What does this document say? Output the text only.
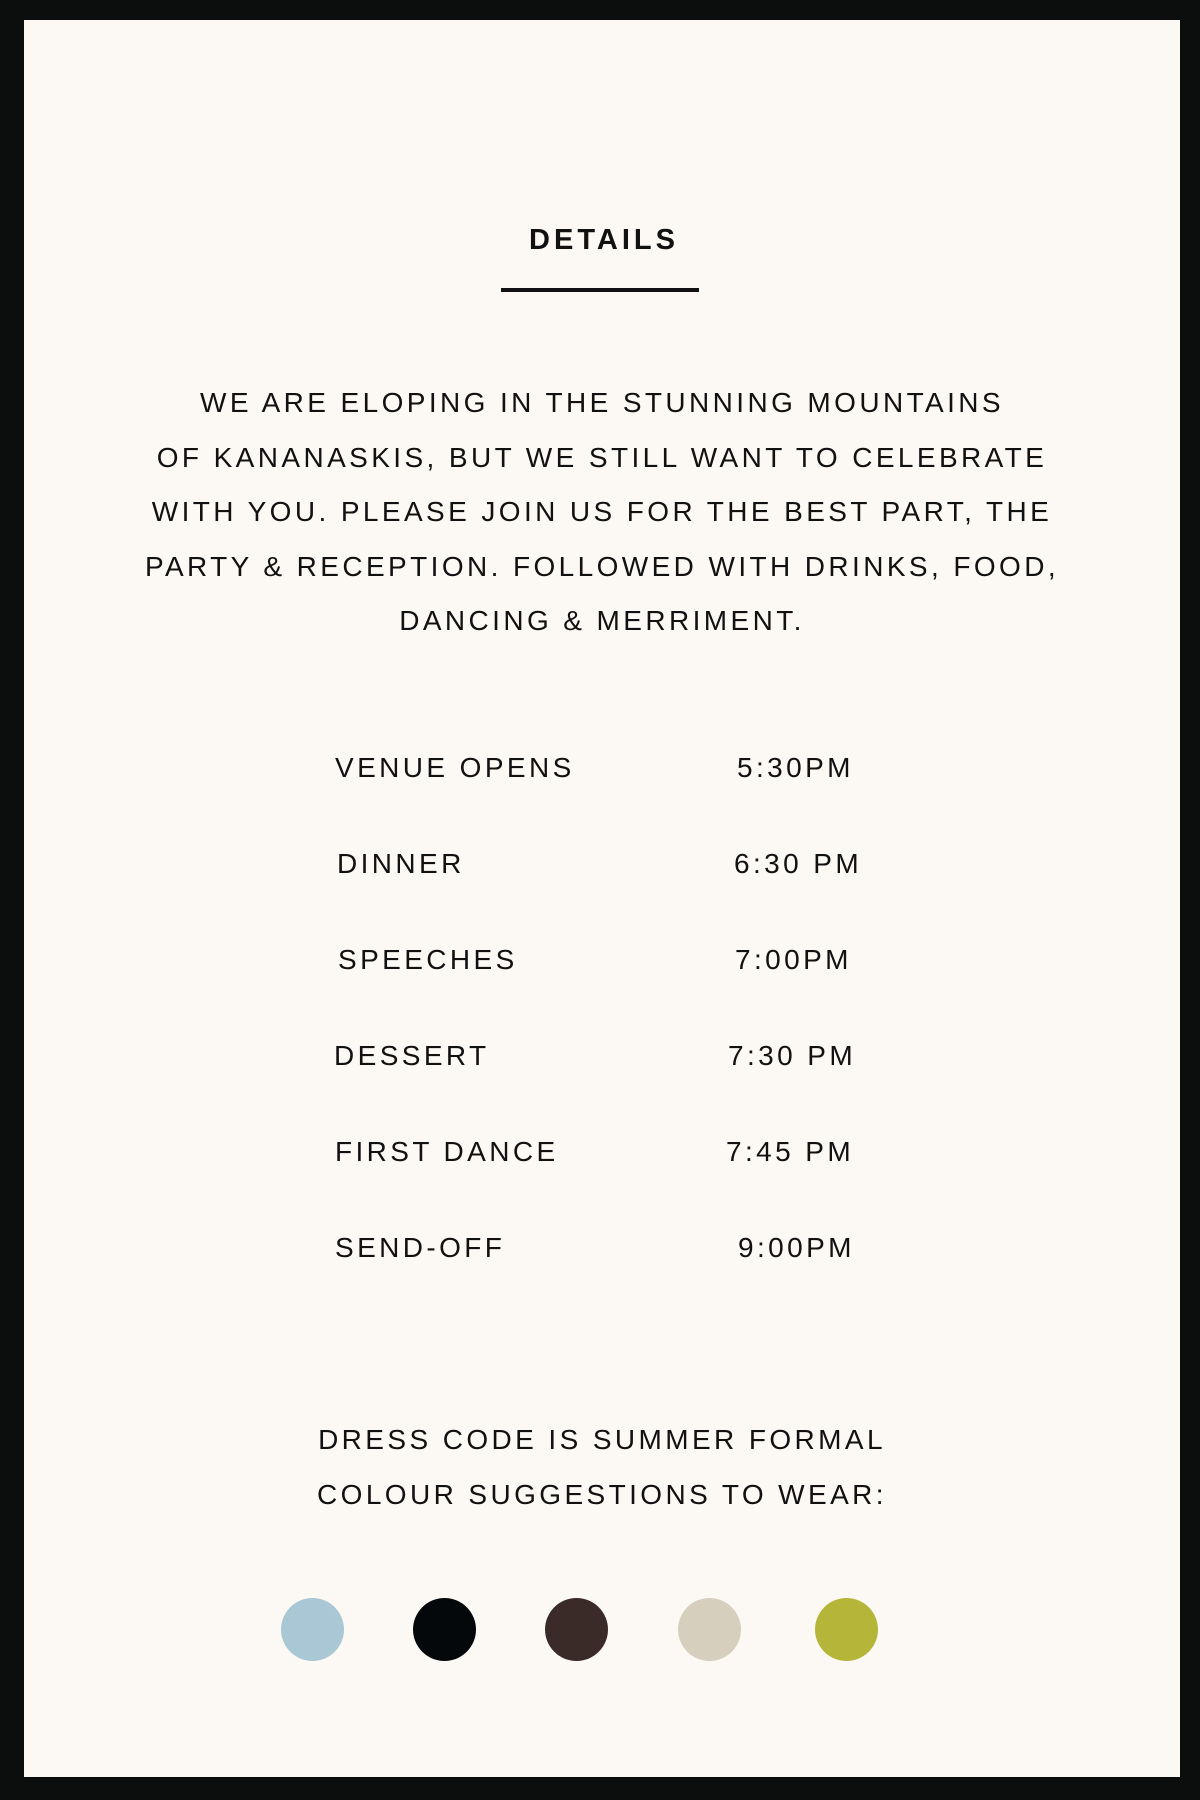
DETAILS
WE ARE ELOPING IN THE STUNNING MOUNTAINS
OF KANANASKIS, BUT WE STILL WANT TO CELEBRATE
WITH YOU. PLEASE JOIN US FOR THE BEST PART, THE
PARTY & RECEPTION. FOLLOWED WITH DRINKS, FOOD,
DANCING & MERRIMENT.
VENUE OPENS	5:30PM
DINNER	6:30 PM
SPEECHES	7:00PM
DESSERT	7:30 PM
FIRST DANCE	7:45 PM
SEND-OFF	9:00PM
DRESS CODE IS SUMMER FORMAL
COLOUR SUGGESTIONS TO WEAR:
